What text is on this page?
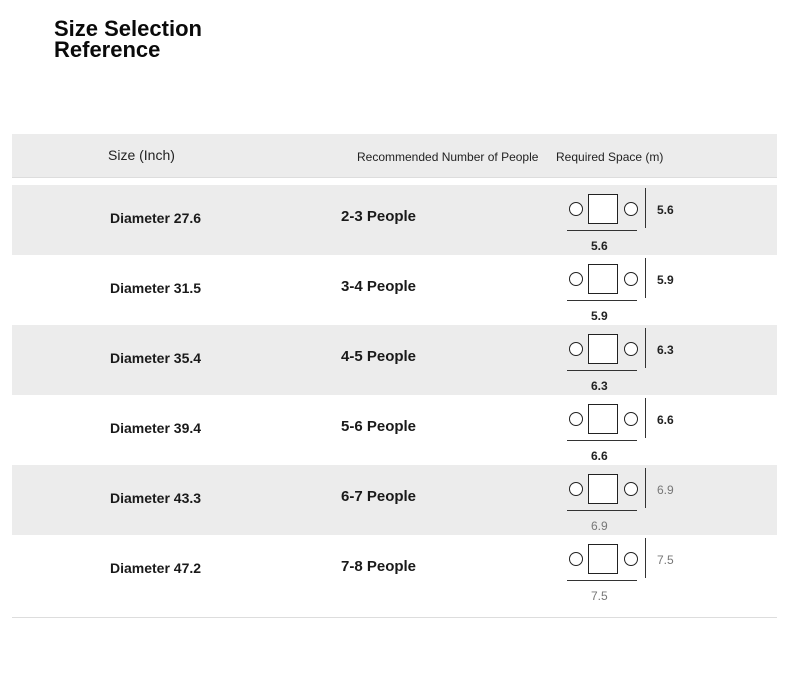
Size Selection
Reference
Size (Inch)	Recommended Number of People Required Space (m)
Diameter 27.6	2-3 People	5.6
5.6
Diameter 31.5	3-4 People	5.9
5.9
Diameter 35.4	4-5 People	6.3
6.3
Diameter 39.4	5-6 People	6.6
6.6
Diameter 43.3	6-7 People	6.9
6.9
Diameter 47.2	7-8 People	7.5
7.5
